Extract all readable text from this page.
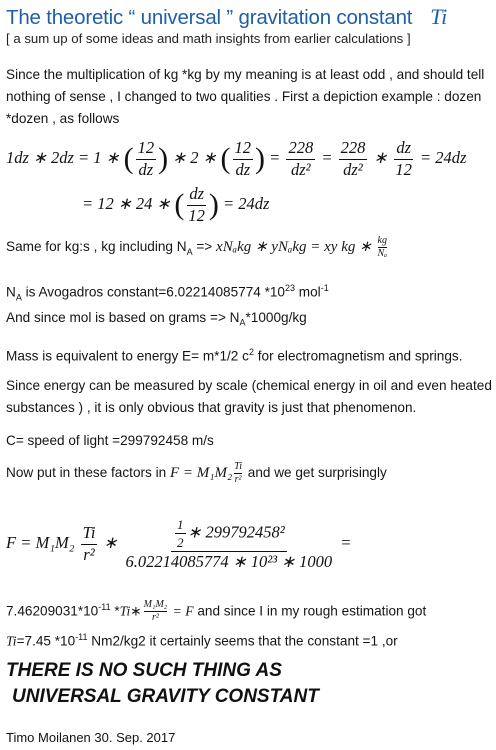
The theoretic “ universal ” gravitation constant Ti
[ a sum up of some ideas and math insights from earlier calculations ]
Since the multiplication of kg *kg by my meaning is at least odd , and should tell nothing of sense , I changed to two qualities . First a depiction example : dozen *dozen , as follows
1dz ∗ 2dz = 1 ∗ ( $\frac{12}{dz}$ ) ∗ 2 ∗ ( $\frac{12}{dz}$ ) = $\frac{228}{\text{dz²}} = \frac{228}{\text{dz²}}$ ∗ $\frac{dz}{12} = 24dz$
= 12 ∗ 24 ∗ ( $\frac{dz}{12}$ ) = 24dz
Same for kg:s , kg including $N_A => xN_akg$ ∗ yNₐkg = xy kg ∗ $\frac{kg}{\text{Nₐ}}$
$N_A$ is Avogadros constant=6.02214085774 $*10^{23}$ mol$^{-1}$
And since mol is based on grams => $N_A*1000g/kg$
Mass is equivalent to energy E= m*1/2 $c^2$ for electromagnetism and springs.
Since energy can be measured by scale (chemical energy in oil and even heated substances ) , it is only obvious that gravity is just that phenomenon.
C= speed of light =299792458 m/s
Now put in these factors in $F = M_1M_2 \frac{Ti}{\text{r²}}$ and we get surprisingly
$F = M_1M_2 \frac{Ti}{\text{r²}}$ ∗ $\frac{\frac{1}{2} ∗ 299792458^2}{\text{6.02214085774 ∗ 10²³ ∗ 1000}}$ =
$7.46209031*10^{-11}$ *Ti∗ $\frac{\text{M₁M₂}}{\text{r²}} = F$ and since I in my rough estimation got
Ti=7.45 $*10^{-11}$ Nm2/kg2 it certainly seems that the constant =1 ,or
THERE IS NO SUCH THING AS
UNIVERSAL GRAVITY CONSTANT
Timo Moilanen 30. Sep. 2017
